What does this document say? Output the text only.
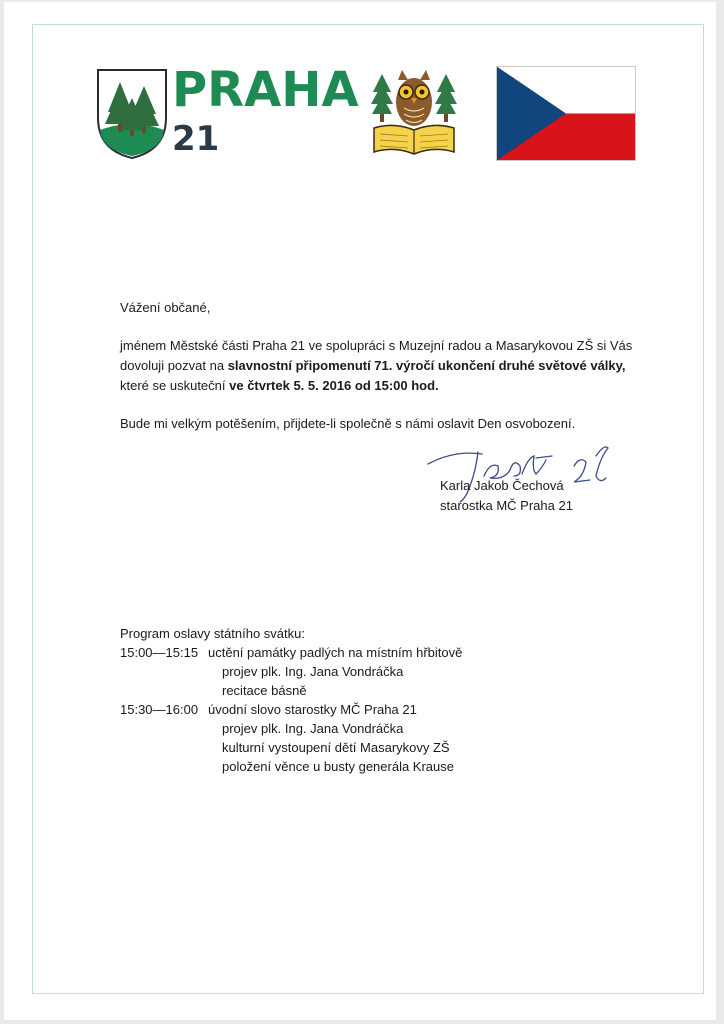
PRAHA
21
Vážení občané,
jménem Městské části Praha 21 ve spolupráci s Muzejní radou a Masarykovou ZŠ si Vás dovoluji pozvat na slavnostní připomenutí 71. výročí ukončení druhé světové války, které se uskuteční ve čtvrtek 5. 5. 2016 od 15:00 hod.
Bude mi velkým potěšením, přijdete-li společně s námi oslavit Den osvobození.
Karla Jakob Čechová
starostka MČ Praha 21
Program oslavy státního svátku:
15:00—15:15 uctění památky padlých na místním hřbitově
projev plk. Ing. Jana Vondráčka
recitace básně
15:30—16:00 úvodní slovo starostky MČ Praha 21
projev plk. Ing. Jana Vondráčka
kulturní vystoupení dětí Masarykovy ZŠ
položení věnce u busty generála Krause
